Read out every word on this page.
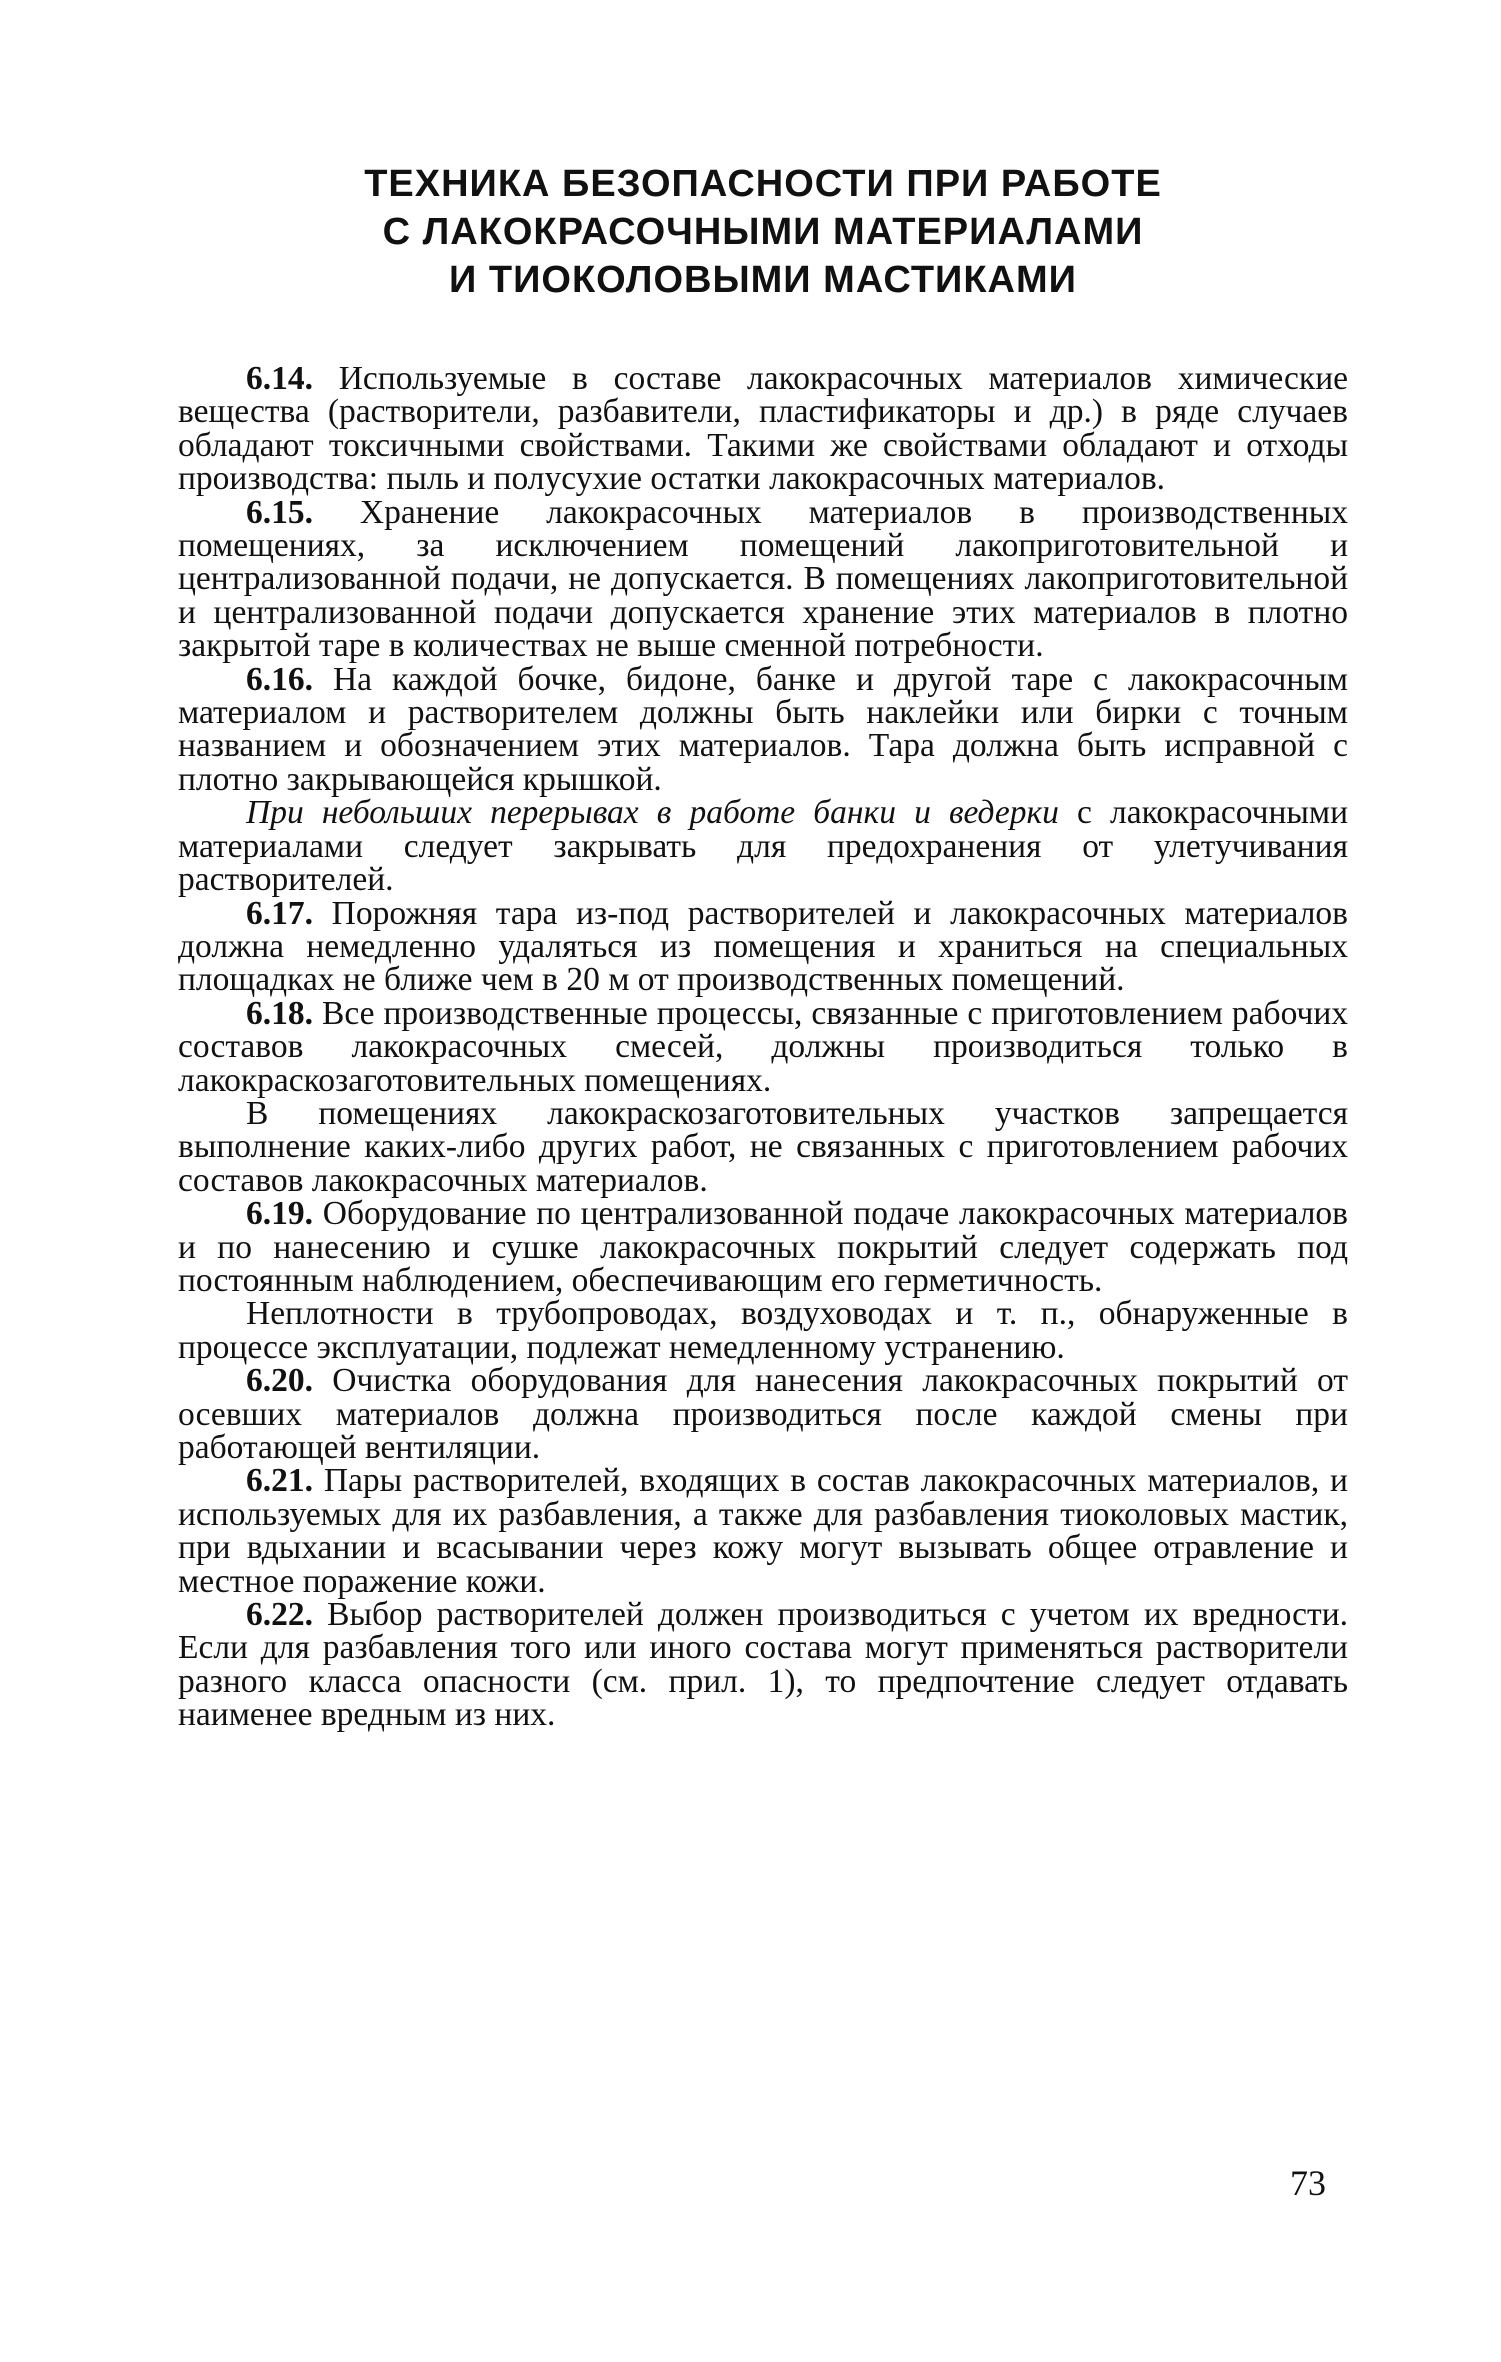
ТЕХНИКА БЕЗОПАСНОСТИ ПРИ РАБОТЕ
С ЛАКОКРАСОЧНЫМИ МАТЕРИАЛАМИ
И ТИОКОЛОВЫМИ МАСТИКАМИ

6.14. Используемые в составе лакокрасочных материалов химические вещества (растворители, разбавители, пластификаторы и др.) в ряде случаев обладают токсичными свойствами. Такими же свойствами обладают и отходы производства: пыль и полусухие остатки лакокрасочных материалов.

6.15. Хранение лакокрасочных материалов в производственных помещениях, за исключением помещений лакоприготовительной и централизованной подачи, не допускается. В помещениях лакоприготовительной и централизованной подачи допускается хранение этих материалов в плотно закрытой таре в количествах не выше сменной потребности.

6.16. На каждой бочке, бидоне, банке и другой таре с лакокрасочным материалом и растворителем должны быть наклейки или бирки с точным названием и обозначением этих материалов. Тара должна быть исправной с плотно закрывающейся крышкой.

При небольших перерывах в работе банки и ведерки с лакокрасочными материалами следует закрывать для предохранения от улетучивания растворителей.

6.17. Порожняя тара из-под растворителей и лакокрасочных материалов должна немедленно удаляться из помещения и храниться на специальных площадках не ближе чем в 20 м от производственных помещений.

6.18. Все производственные процессы, связанные с приготовлением рабочих составов лакокрасочных смесей, должны производиться только в лакокраскозаготовительных помещениях.

В помещениях лакокраскозаготовительных участков запрещается выполнение каких-либо других работ, не связанных с приготовлением рабочих составов лакокрасочных материалов.

6.19. Оборудование по централизованной подаче лакокрасочных материалов и по нанесению и сушке лакокрасочных покрытий следует содержать под постоянным наблюдением, обеспечивающим его герметичность.

Неплотности в трубопроводах, воздуховодах и т. п., обнаруженные в процессе эксплуатации, подлежат немедленному устранению.

6.20. Очистка оборудования для нанесения лакокрасочных покрытий от осевших материалов должна производиться после каждой смены при работающей вентиляции.

6.21. Пары растворителей, входящих в состав лакокрасочных материалов, и используемых для их разбавления, а также для разбавления тиоколовых мастик, при вдыхании и всасывании через кожу могут вызывать общее отравление и местное поражение кожи.

6.22. Выбор растворителей должен производиться с учетом их вредности. Если для разбавления того или иного состава могут применяться растворители разного класса опасности (см. прил. 1), то предпочтение следует отдавать наименее вредным из них.

73
